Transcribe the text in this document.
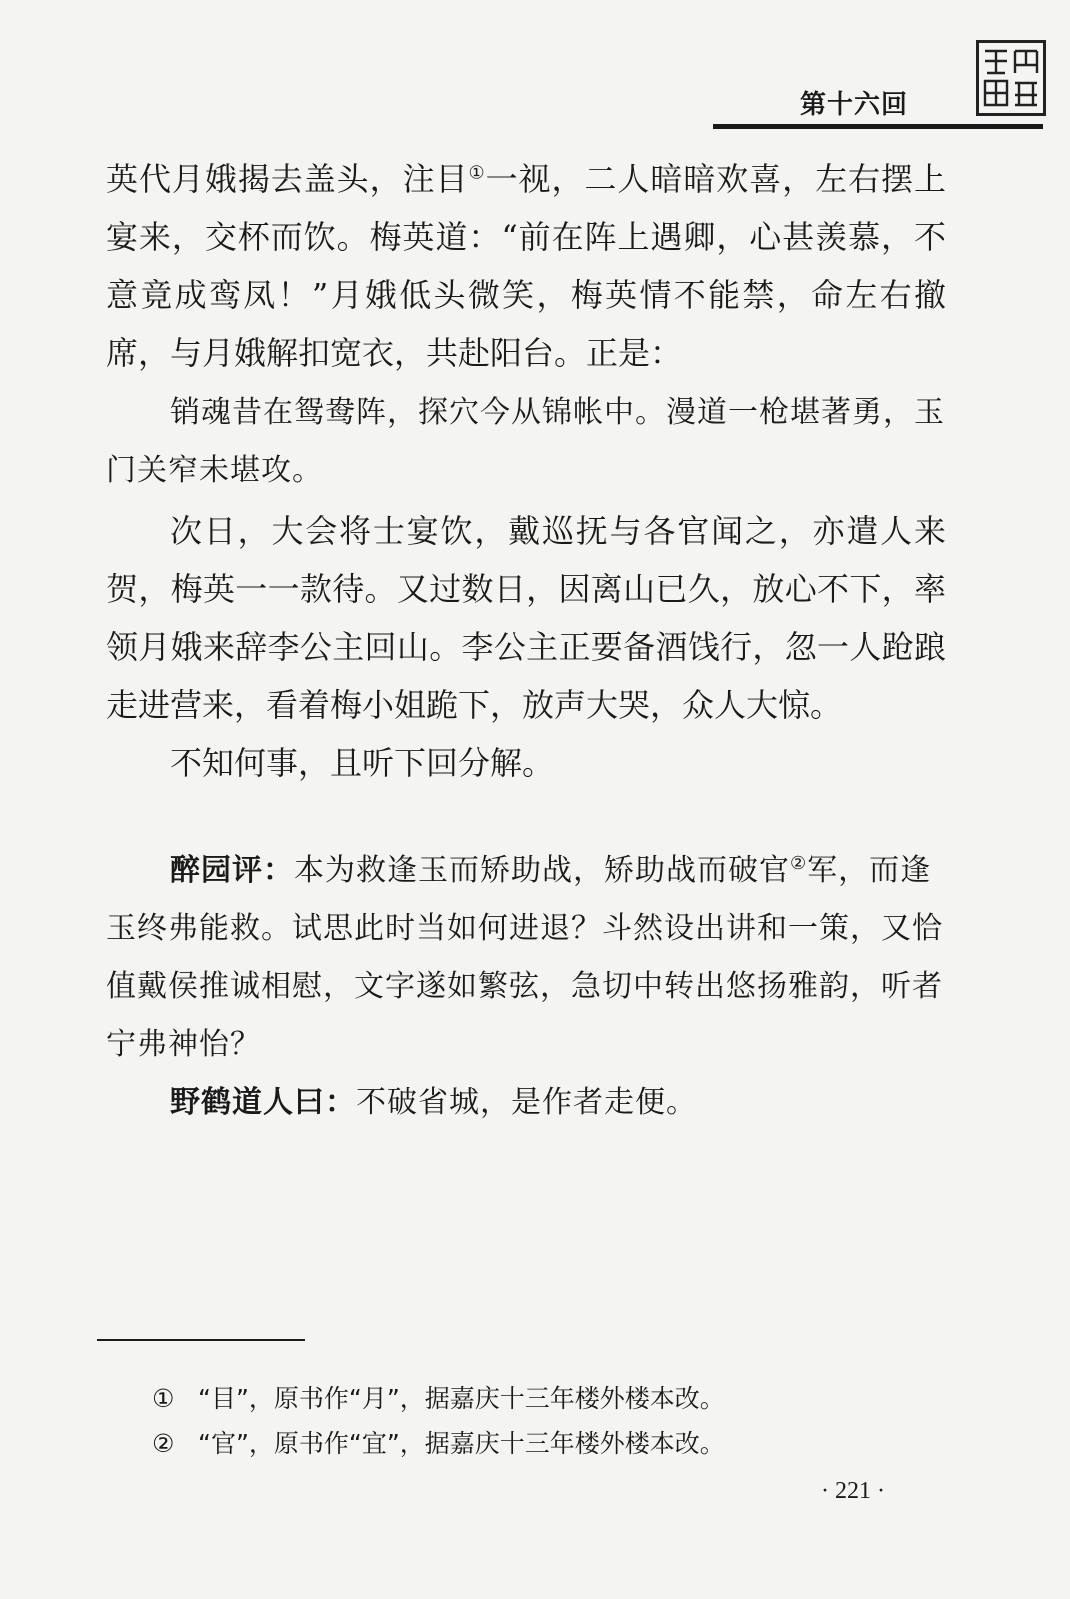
第十六回

英代月娥揭去盖头，注目①一视，二人暗暗欢喜，左右摆上宴来，交杯而饮。梅英道：“前在阵上遇卿，心甚羡慕，不意竟成鸾凤！”月娥低头微笑，梅英情不能禁，命左右撤席，与月娥解扣宽衣，共赴阳台。正是：

销魂昔在鸳鸯阵，探穴今从锦帐中。漫道一枪堪著勇，玉门关窄未堪攻。

次日，大会将士宴饮，戴巡抚与各官闻之，亦遣人来贺，梅英一一款待。又过数日，因离山已久，放心不下，率领月娥来辞李公主回山。李公主正要备酒饯行，忽一人跄踉走进营来，看着梅小姐跪下，放声大哭，众人大惊。

不知何事，且听下回分解。

醉园评：本为救逢玉而矫助战，矫助战而破官②军，而逢玉终弗能救。试思此时当如何进退？斗然设出讲和一策，又恰值戴侯推诚相慰，文字遂如繁弦，急切中转出悠扬雅韵，听者宁弗神怡？

野鹤道人曰：不破省城，是作者走便。

① “目”，原书作“月”，据嘉庆十三年楼外楼本改。
② “官”，原书作“宜”，据嘉庆十三年楼外楼本改。
· 221 ·
